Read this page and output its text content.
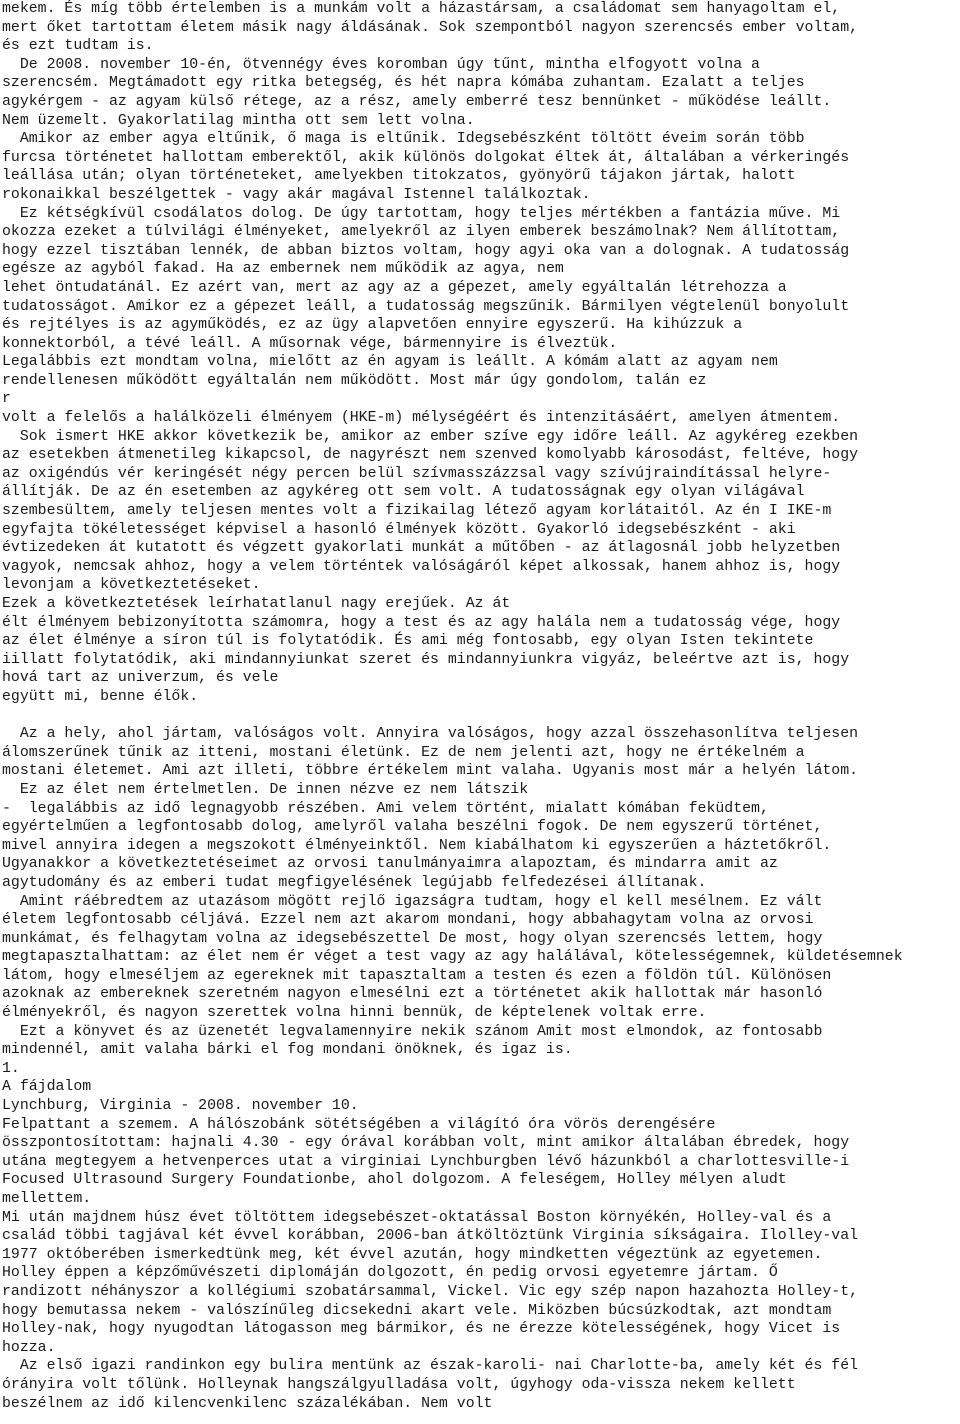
mekem. És míg több értelemben is a munkám volt a házastársam, a családomat sem hanyagoltam el,
mert őket tartottam életem másik nagy áldásának. Sok szempontból nagyon szerencsés ember voltam,
és ezt tudtam is.
De 2008. november 10-én, ötvennégy éves koromban úgy tűnt, mintha elfogyott volna a
szerencsém. Megtámadott egy ritka betegség, és hét napra kómába zuhantam. Ezalatt a teljes
agykérgem - az agyam külső rétege, az a rész, amely emberré tesz bennünket - működése leállt.
Nem üzemelt. Gyakorlatilag mintha ott sem lett volna.
Amikor az ember agya eltűnik, ő maga is eltűnik. Idegsebészként töltött éveim során több
furcsa történetet hallottam emberektől, akik különös dolgokat éltek át, általában a vérkeringés
leállása után; olyan történeteket, amelyekben titokzatos, gyönyörű tájakon jártak, halott
rokonaikkal beszélgettek - vagy akár magával Istennel találkoztak.
Ez kétségkívül csodálatos dolog. De úgy tartottam, hogy teljes mértékben a fantázia műve. Mi
okozza ezeket a túlvilági élményeket, amelyekről az ilyen emberek beszámolnak? Nem állítottam,
hogy ezzel tisztában lennék, de abban biztos voltam, hogy agyi oka van a dolognak. A tudatosság
egésze az agyból fakad. Ha az embernek nem működik az agya, nem
lehet öntudatánál. Ez azért van, mert az agy az a gépezet, amely egyáltalán létrehozza a
tudatosságot. Amikor ez a gépezet leáll, a tudatosság megszűnik. Bármilyen végtelenül bonyolult
és rejtélyes is az agyműködés, ez az ügy alapvetően ennyire egyszerű. Ha kihúzzuk a
konnektorból, a tévé leáll. A műsornak vége, bármennyire is élveztük.
Legalábbis ezt mondtam volna, mielőtt az én agyam is leállt. A kómám alatt az agyam nem
rendellenesen működött egyáltalán nem működött. Most már úgy gondolom, talán ez
r
volt a felelős a halálközeli élményem (HKE-m) mélységéért és intenzitásáért, amelyen átmentem.
Sok ismert HKE akkor következik be, amikor az ember szíve egy időre leáll. Az agykéreg ezekben
az esetekben átmenetileg kikapcsol, de nagyrészt nem szenved komolyabb károsodást, feltéve, hogy
az oxigéndús vér keringését négy percen belül szívmasszázzsal vagy szívújraindítással helyre-
állítják. De az én esetemben az agykéreg ott sem volt. A tudatosságnak egy olyan világával
szembesültem, amely teljesen mentes volt a fizikailag létező agyam korlátaitól. Az én I IKE-m
egyfajta tökéletességet képvisel a hasonló élmények között. Gyakorló idegsebészként - aki
évtizedeken át kutatott és végzett gyakorlati munkát a műtőben - az átlagosnál jobb helyzetben
vagyok, nemcsak ahhoz, hogy a velem történtek valóságáról képet alkossak, hanem ahhoz is, hogy
levonjam a következtetéseket.
Ezek a következtetések leírhatatlanul nagy erejűek. Az át
élt élményem bebizonyította számomra, hogy a test és az agy halála nem a tudatosság vége, hogy
az élet élménye a síron túl is folytatódik. És ami még fontosabb, egy olyan Isten tekintete
iillatt folytatódik, aki mindannyiunkat szeret és mindannyiunkra vigyáz, beleértve azt is, hogy
hová tart az univerzum, és vele
együtt mi, benne élők.
Az a hely, ahol jártam, valóságos volt. Annyira valóságos, hogy azzal összehasonlítva teljesen
álomszerűnek tűnik az itteni, mostani életünk. Ez de nem jelenti azt, hogy ne értékelném a
mostani életemet. Ami azt illeti, többre értékelem mint valaha. Ugyanis most már a helyén látom.
Ez az élet nem értelmetlen. De innen nézve ez nem látszik
-  legalábbis az idő legnagyobb részében. Ami velem történt, mialatt kómában feküdtem,
egyértelműen a legfontosabb dolog, amelyről valaha beszélni fogok. De nem egyszerű történet,
mivel annyira idegen a megszokott élményeinktől. Nem kiabálhatom ki egyszerűen a háztetőkről.
Ugyanakkor a következtetéseimet az orvosi tanulmányaimra alapoztam, és mindarra amit az
agytudomány és az emberi tudat megfigyelésének legújabb felfedezései állítanak.
Amint ráébredtem az utazásom mögött rejlő igazságra tudtam, hogy el kell mesélnem. Ez vált
életem legfontosabb céljává. Ezzel nem azt akarom mondani, hogy abbahagytam volna az orvosi
munkámat, és felhagytam volna az idegsebészettel De most, hogy olyan szerencsés lettem, hogy
megtapasztalhattam: az élet nem ér véget a test vagy az agy halálával, kötelességemnek, küldetésemnek
látom, hogy elmeséljem az egereknek mit tapasztaltam a testen és ezen a földön túl. Különösen
azoknak az embereknek szeretném nagyon elmesélni ezt a történetet akik hallottak már hasonló
élményekről, és nagyon szerettek volna hinni bennük, de képtelenek voltak erre.
Ezt a könyvet és az üzenetét legvalamennyire nekik szánom Amit most elmondok, az fontosabb
mindennél, amit valaha bárki el fog mondani önöknek, és igaz is.
1.
A fájdalom
Lynchburg, Virginia - 2008. november 10.
Felpattant a szemem. A hálószobánk sötétségében a világító óra vörös derengésére
összpontosítottam: hajnali 4.30 - egy órával korábban volt, mint amikor általában ébredek, hogy
utána megtegyem a hetvenperces utat a virginiai Lynchburgben lévő házunkból a charlottesville-i
Focused Ultrasound Surgery Foundationbe, ahol dolgozom. A feleségem, Holley mélyen aludt
mellettem.
Mi után majdnem húsz évet töltöttem idegsebészet-oktatással Boston környékén, Holley-val és a
család többi tagjával két évvel korábban, 2006-ban átköltöztünk Virginia síkságaira. Ilolley-val
1977 októberében ismerkedtünk meg, két évvel azután, hogy mindketten végeztünk az egyetemen.
Holley éppen a képzőművészeti diplomáján dolgozott, én pedig orvosi egyetemre jártam. Ő
randizott néhányszor a kollégiumi szobatársammal, Vickel. Vic egy szép napon hazahozta Holley-t,
hogy bemutassa nekem - valószínűleg dicsekedni akart vele. Miközben búcsúzkodtak, azt mondtam
Holley-nak, hogy nyugodtan látogasson meg bármikor, és ne érezze kötelességének, hogy Vicet is
hozza.
Az első igazi randinkon egy bulira mentünk az észak-karoli- nai Charlotte-ba, amely két és fél
órányira volt tőlünk. Holleynak hangszálgyulladása volt, úgyhogy oda-vissza nekem kellett
beszélnem az idő kilencvenkilenc százalékában. Nem volt
